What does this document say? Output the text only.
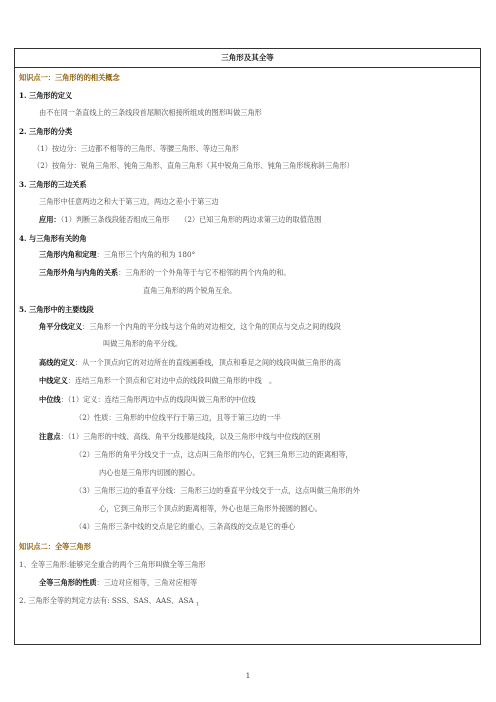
三角形及其全等
知识点一：三角形的的相关概念
1. 三角形的定义
由不在同一条直线上的三条线段首尾顺次相接所组成的图形叫做三角形
2. 三角形的分类
（1）按边分：三边都不相等的三角形、等腰三角形、等边三角形
（2）按角分：锐角三角形、钝角三角形、直角三角形（其中锐角三角形、钝角三角形统称斜三角形）
3. 三角形的三边关系
三角形中任意两边之和大于第三边，两边之差小于第三边
应用：（1）判断三条线段能否组成三角形　　（2）已知三角形的两边求第三边的取值范围
4. 与三角形有关的角
三角形内角和定理：三角形三个内角的和为 180°
三角形外角与内角的关系：三角形的一个外角等于与它不相邻的两个内角的和。
直角三角形的两个锐角互余。
5. 三角形中的主要线段
角平分线定义：三角形一个内角的平分线与这个角的对边相交，这个角的顶点与交点之间的线段
叫做三角形的角平分线。
高线的定义：从一个顶点向它的对边所在的直线画垂线，顶点和垂足之间的线段叫做三角形的高
中线定义：连结三角形一个顶点和它对边中点的线段叫做三角形的中线　。
中位线：（1）定义：连结三角形两边中点的线段叫做三角形的中位线
（2）性质：三角形的中位线平行于第三边，且等于第三边的一半
注意点：（1）三角形的中线、高线、角平分线都是线段，以及三角形中线与中位线的区别
（2）三角形的角平分线交于一点，这点叫三角形的内心，它到三角形三边的距离相等，
内心也是三角形内切圆的圆心。
（3）三角形三边的垂直平分线：三角形三边的垂直平分线交于一点，这点叫做三角形的外
心，它到三角形三个顶点的距离相等，外心也是三角形外接圆的圆心。
（4）三角形三条中线的交点是它的重心，三条高线的交点是它的垂心
知识点二：全等三角形
1、全等三角形:能够完全重合的两个三角形叫做全等三角形
全等三角形的性质：三边对应相等，三角对应相等
2. 三角形全等的判定方法有: SSS、SAS、AAS、ASA $_1$
1
